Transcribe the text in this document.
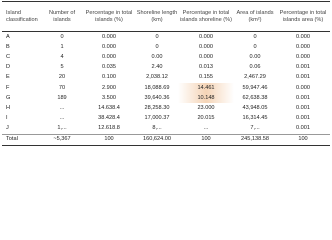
Island classification	Number of islands	Percentage in total islands (%)	Shoreline length (km)	Percentage in total islands shoreline (%)	Area of islands (km²)	Percentage in total islands area (%)
A	0	0.000	0	0.000	0	0.000
B	1	0.000	0	0.000	0	0.000
C	4	0.000	0.00	0.000	0.00	0.000
D	5	0.035	2.40	0.013	0.06	0.001
E	20	0.100	2,038.12	0.155	2,467.29	0.001
F	70	2.900	18,088.69	14.461	59,947.46	0.000
G	189	3.500	39,640.36	10.148	62,638.38	0.001
H	...	14.638.4	28,258.30	23.000	43,948.05	0.001
I	...	38.428.4	17,000.37	20.015	16,314.45	0.001
J	1,...	12.618.8	8,...	...	7,...	0.001
Total	~5,367	100	160,624.00	100	245,138.58	100
